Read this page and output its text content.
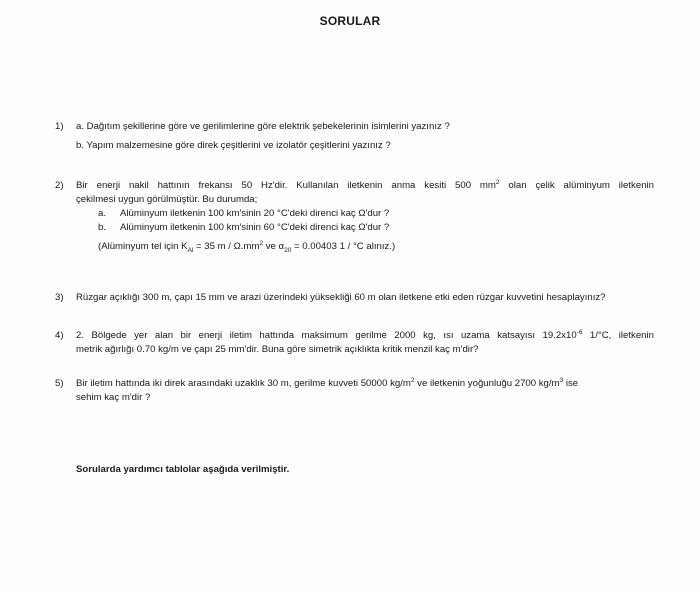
SORULAR
1)	a. Dağıtım şekillerine göre ve gerilimlerine göre elektrik şebekelerinin isimlerini yazınız ?
b. Yapım malzemesine göre direk çeşitlerini ve izolatör çeşitlerini yazınız ?
2)	Bir enerji nakil hattının frekansı 50 Hz'dir. Kullanılan iletkenin anma kesiti 500 $mm^2$ olan çelik alüminyum iletkenin
çekilmesi uygun görülmüştür. Bu durumda;
a. Alüminyum iletkenin 100 km'sinin 20 °C'deki direnci kaç Ω'dur ?
b. Alüminyum iletkenin 100 km'sinin 60 °C'deki direnci kaç Ω'dur ?
(Alüminyum tel için $K_{Al} = 35$ m / $\Omega.mm^2$ ve $\alpha_{20} = 0.00403$ 1 / °C alınız.)
3)	Rüzgar açıklığı 300 m, çapı 15 mm ve arazi üzerindeki yüksekliği 60 m olan iletkene etki eden rüzgar kuvvetini hesaplayınız?
4)	2. Bölgede yer alan bir enerji iletim hattında maksimum gerilme 2000 kg, ısı uzama katsayısı $19.2x10^{-6}$ 1/°C, iletkenin
metrik ağırlığı 0.70 kg/m ve çapı 25 mm'dir. Buna göre simetrik açıklıkta kritik menzil kaç m'dir?
5)	Bir iletim hattında iki direk arasındaki uzaklık 30 m, gerilme kuvveti 50000 $kg/m^2$ ve iletkenin yoğunluğu 2700 $kg/m^3$ ise
sehim kaç m'dir ?
Sorularda yardımcı tablolar aşağıda verilmiştir.
